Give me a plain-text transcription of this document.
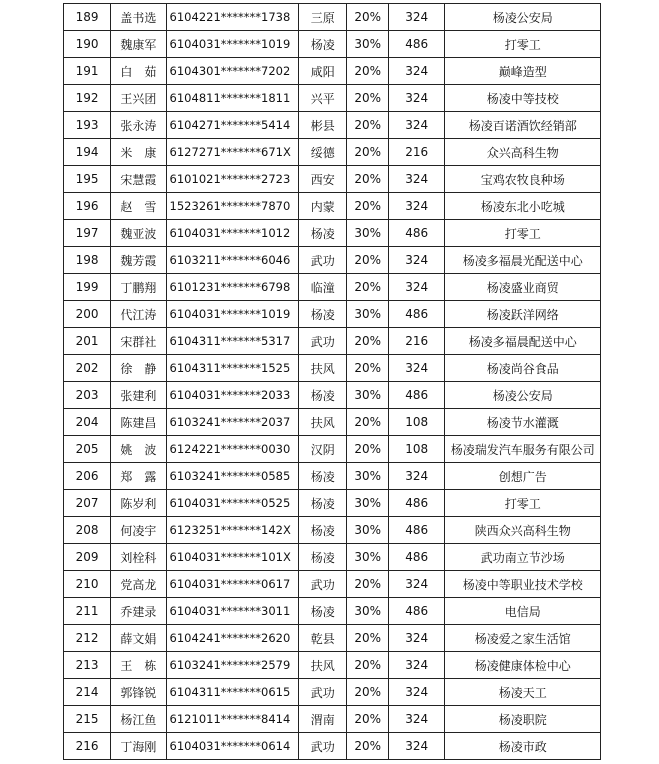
189	盖书选	6104221*******1738	三原	20%	324	杨凌公安局
190	魏康军	6104031*******1019	杨凌	30%	486	打零工
191	白　茹	6104301*******7202	咸阳	20%	324	巅峰造型
192	王兴团	6104811*******1811	兴平	20%	324	杨凌中等技校
193	张永涛	6104271*******5414	彬县	20%	324	杨凌百诺酒饮经销部
194	米　康	6127271*******671X	绥德	20%	216	众兴高科生物
195	宋慧霞	6101021*******2723	西安	20%	324	宝鸡农牧良种场
196	赵　雪	1523261*******7870	内蒙	20%	324	杨凌东北小吃城
197	魏亚波	6104031*******1012	杨凌	30%	486	打零工
198	魏芳霞	6103211*******6046	武功	20%	324	杨凌多福晨光配送中心
199	丁鹏翔	6101231*******6798	临潼	20%	324	杨凌盛业商贸
200	代江涛	6104031*******1019	杨凌	30%	486	杨凌跃洋网络
201	宋群社	6104311*******5317	武功	20%	216	杨凌多福晨配送中心
202	徐　静	6104311*******1525	扶风	20%	324	杨凌尚谷食品
203	张建利	6104031*******2033	杨凌	30%	486	杨凌公安局
204	陈建昌	6103241*******2037	扶风	20%	108	杨凌节水灌溉
205	姚　波	6124221*******0030	汉阴	20%	108	杨凌瑞发汽车服务有限公司
206	郑　露	6103241*******0585	杨凌	30%	324	创想广告
207	陈岁利	6104031*******0525	杨凌	30%	486	打零工
208	何凌宇	6123251*******142X	杨凌	30%	486	陕西众兴高科生物
209	刘栓科	6104031*******101X	杨凌	30%	486	武功南立节沙场
210	党高龙	6104031*******0617	武功	20%	324	杨凌中等职业技术学校
211	乔建录	6104031*******3011	杨凌	30%	486	电信局
212	薛文娟	6104241*******2620	乾县	20%	324	杨凌爱之家生活馆
213	王　栋	6103241*******2579	扶风	20%	324	杨凌健康体检中心
214	郭锋锐	6104311*******0615	武功	20%	324	杨凌天工
215	杨江鱼	6121011*******8414	渭南	20%	324	杨凌职院
216	丁海刚	6104031*******0614	武功	20%	324	杨凌市政
